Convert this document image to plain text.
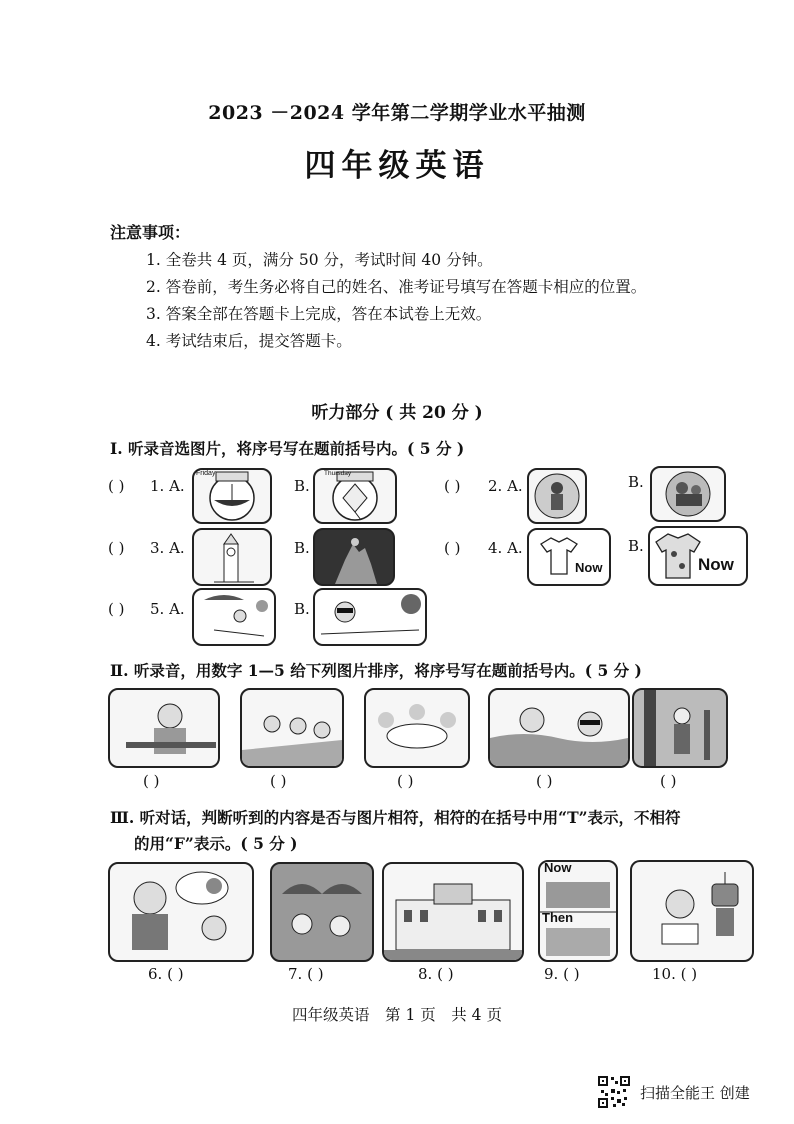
2023 －2024 学年第二学期学业水平抽测
四年级英语
注意事项：
1. 全卷共 4 页，满分 50 分，考试时间 40 分钟。
2. 答卷前，考生务必将自己的姓名、准考证号填写在答题卡相应的位置。
3. 答案全部在答题卡上完成，答在本试卷上无效。
4. 考试结束后，提交答题卡。
听力部分 ( 共 20 分 )
Ⅰ. 听录音选图片，将序号写在题前括号内。( 5 分 )
( ) 1. A.
Friday
B.
Thursday
( ) 2. A.	B.
( ) 3. A.	B.	( ) 4. A.
Now
B.
Now
( ) 5. A.	B.
Ⅱ. 听录音，用数字 1—5 给下列图片排序，将序号写在题前括号内。( 5 分 )
( )	( )	( )	( )	( )
Ⅲ. 听对话，判断听到的内容是否与图片相符，相符的在括号中用“T”表示，不相符
的用“F”表示。( 5 分 )
Now
Then
6. ( )	7. ( )	8. ( )	9. ( )	10. ( )
四年级英语　第 1 页　共 4 页
扫描全能王 创建
